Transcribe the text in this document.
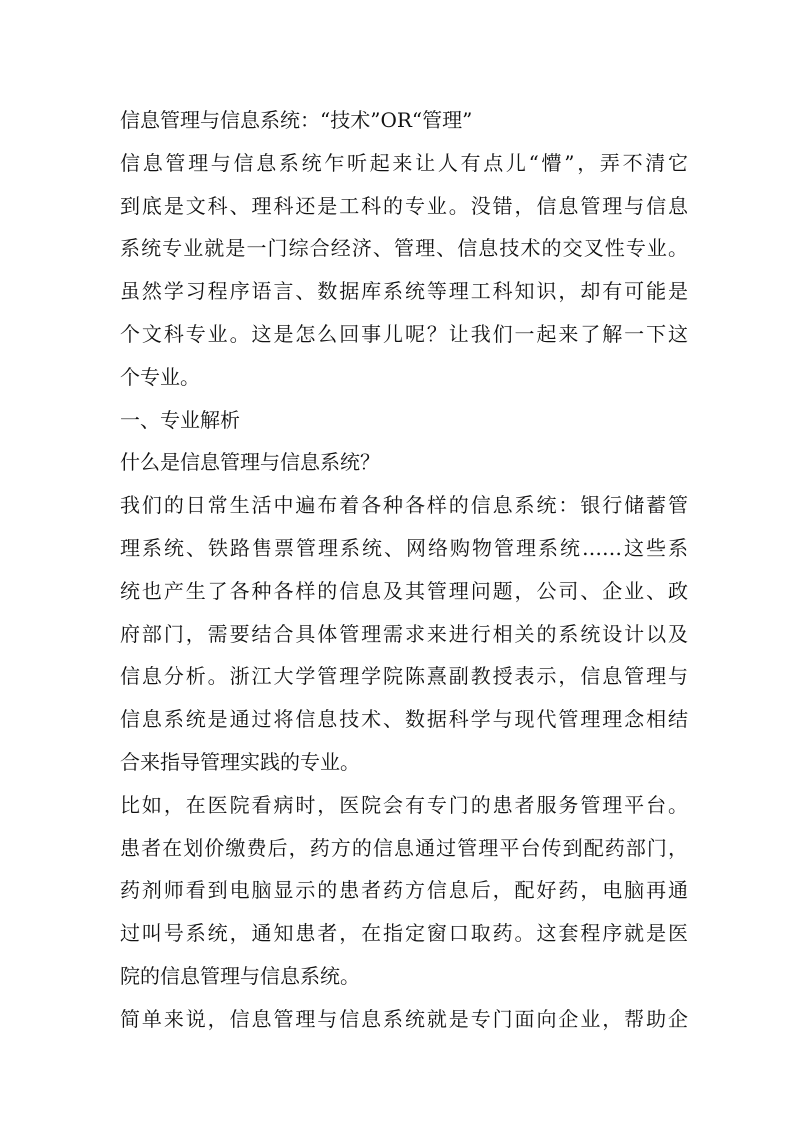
信息管理与信息系统：“技术”OR“管理”
信息管理与信息系统乍听起来让人有点儿“懵”，弄不清它
到底是文科、理科还是工科的专业。没错，信息管理与信息
系统专业就是一门综合经济、管理、信息技术的交叉性专业。
虽然学习程序语言、数据库系统等理工科知识，却有可能是
个文科专业。这是怎么回事儿呢？让我们一起来了解一下这
个专业。
一、专业解析
什么是信息管理与信息系统？
我们的日常生活中遍布着各种各样的信息系统：银行储蓄管
理系统、铁路售票管理系统、网络购物管理系统……这些系
统也产生了各种各样的信息及其管理问题，公司、企业、政
府部门，需要结合具体管理需求来进行相关的系统设计以及
信息分析。浙江大学管理学院陈熹副教授表示，信息管理与
信息系统是通过将信息技术、数据科学与现代管理理念相结
合来指导管理实践的专业。
比如，在医院看病时，医院会有专门的患者服务管理平台。
患者在划价缴费后，药方的信息通过管理平台传到配药部门，
药剂师看到电脑显示的患者药方信息后，配好药，电脑再通
过叫号系统，通知患者，在指定窗口取药。这套程序就是医
院的信息管理与信息系统。
简单来说，信息管理与信息系统就是专门面向企业，帮助企
